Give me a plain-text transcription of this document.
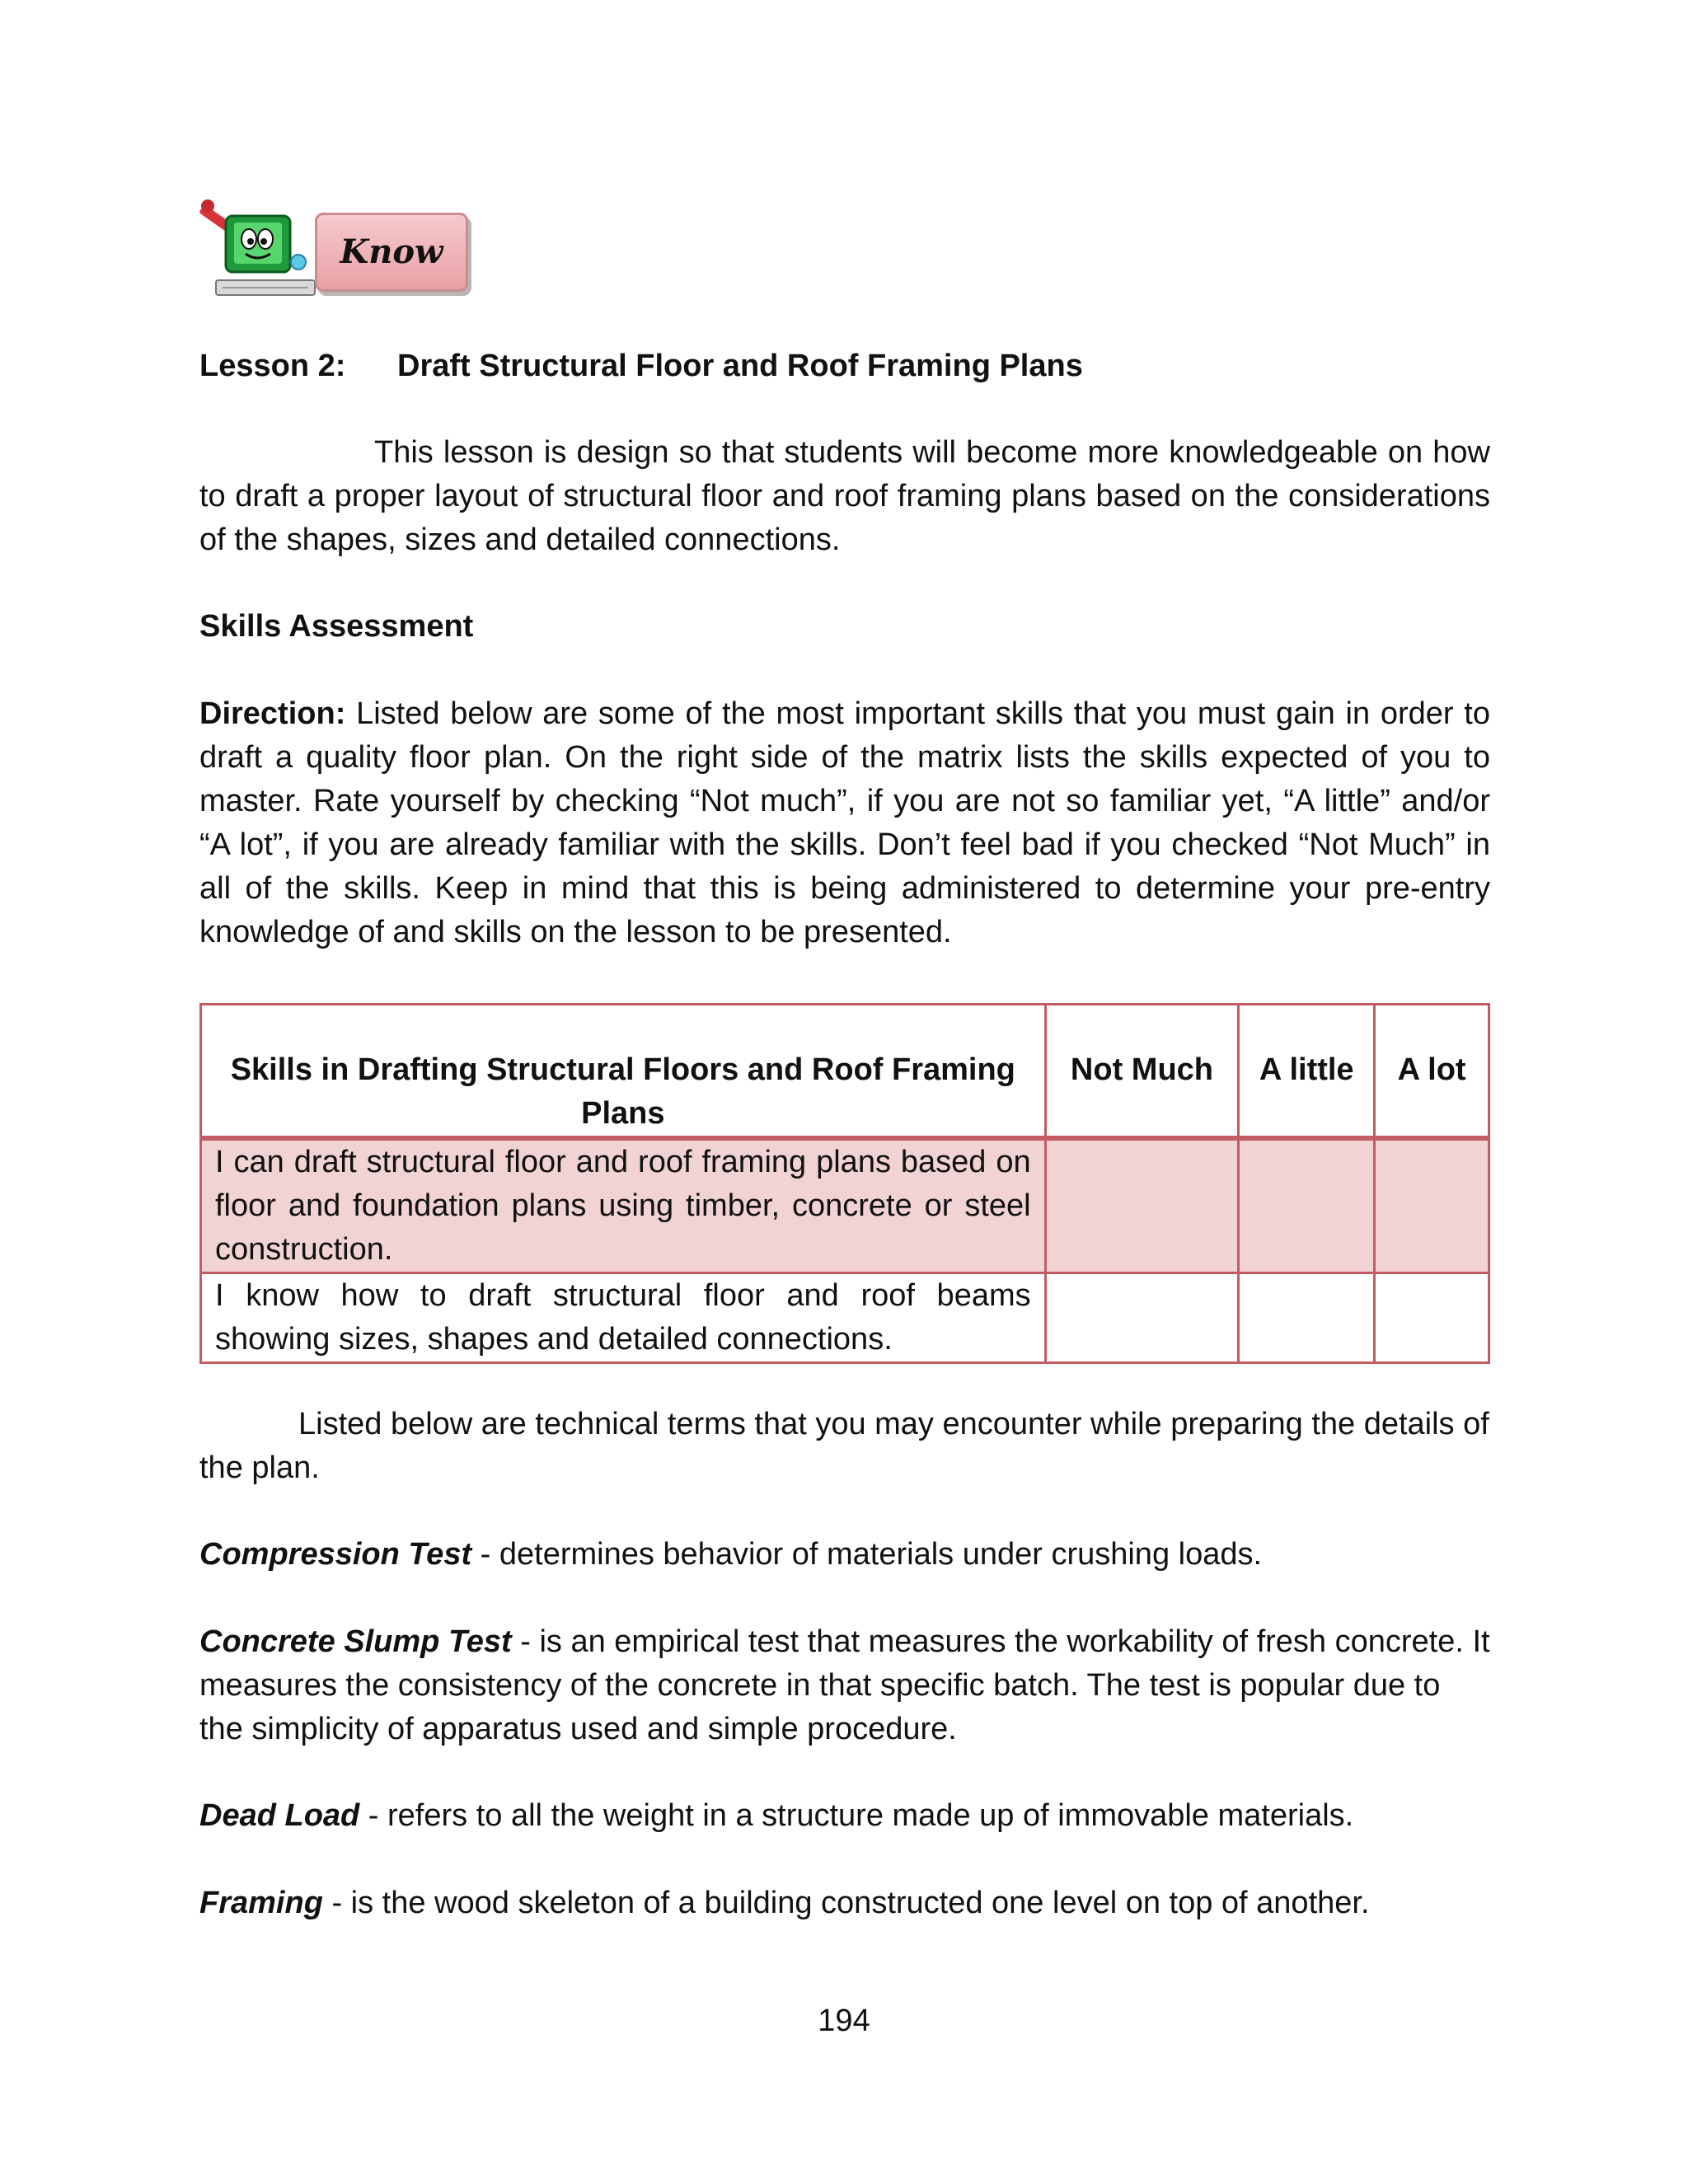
Know
Lesson 2: Draft Structural Floor and Roof Framing Plans

This lesson is design so that students will become more knowledgeable on how to draft a proper layout of structural floor and roof framing plans based on the considerations of the shapes, sizes and detailed connections.

Skills Assessment

Direction: Listed below are some of the most important skills that you must gain in order to draft a quality floor plan. On the right side of the matrix lists the skills expected of you to master. Rate yourself by checking “Not much”, if you are not so familiar yet, “A little” and/or “A lot”, if you are already familiar with the skills. Don’t feel bad if you checked “Not Much” in all of the skills. Keep in mind that this is being administered to determine your pre-entry knowledge of and skills on the lesson to be presented.

Skills in Drafting Structural Floors and Roof Framing Plans	Not Much	A little	A lot
I can draft structural floor and roof framing plans based on floor and foundation plans using timber, concrete or steel construction.			
I know how to draft structural floor and roof beams showing sizes, shapes and detailed connections.			

Listed below are technical terms that you may encounter while preparing the details of the plan.

Compression Test - determines behavior of materials under crushing loads.
Concrete Slump Test - is an empirical test that measures the workability of fresh concrete. It measures the consistency of the concrete in that specific batch. The test is popular due to the simplicity of apparatus used and simple procedure.
Dead Load - refers to all the weight in a structure made up of immovable materials.
Framing - is the wood skeleton of a building constructed one level on top of another.
194
